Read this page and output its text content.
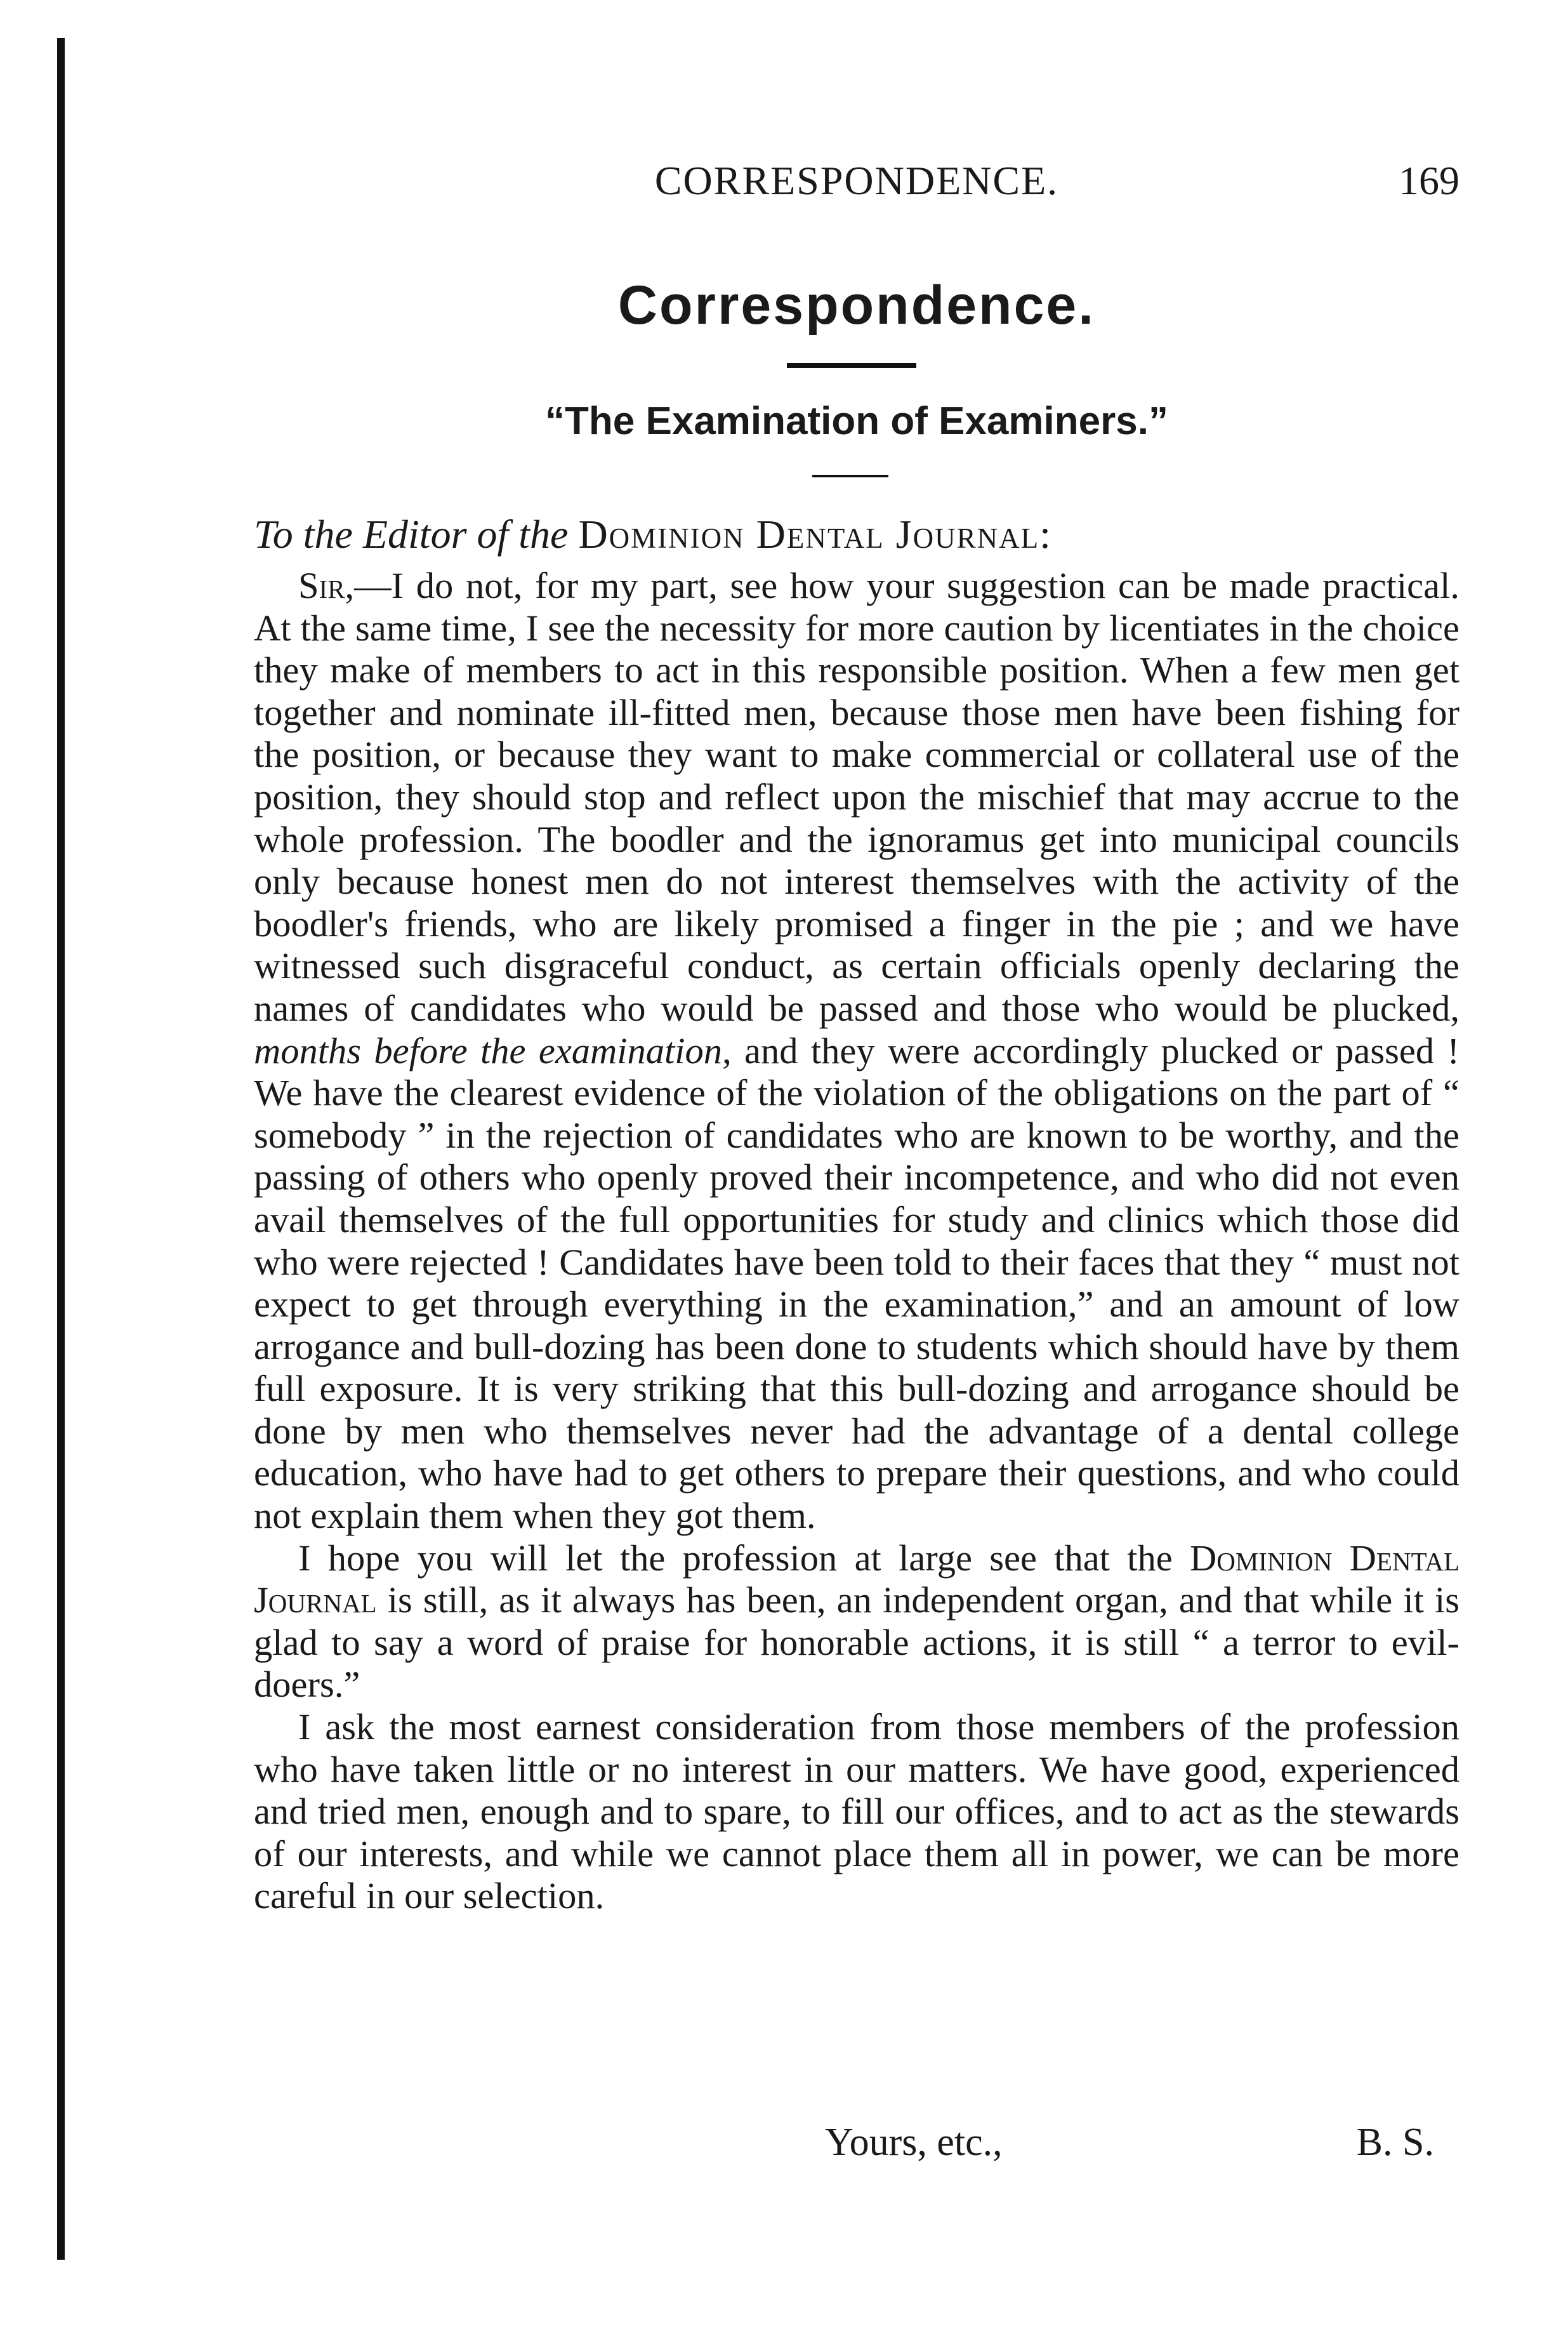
CORRESPONDENCE.	169
Correspondence.
“The Examination of Examiners.”
To the Editor of the Dominion Dental Journal:

Sir,—I do not, for my part, see how your suggestion can be made practical. At the same time, I see the necessity for more caution by licentiates in the choice they make of members to act in this responsible position. When a few men get together and nominate ill-fitted men, because those men have been fishing for the position, or because they want to make commercial or collateral use of the position, they should stop and reflect upon the mischief that may accrue to the whole profession. The boodler and the ignoramus get into municipal councils only because honest men do not interest themselves with the activity of the boodler's friends, who are likely promised a finger in the pie ; and we have witnessed such disgraceful conduct, as certain officials openly declaring the names of candidates who would be passed and those who would be plucked, months before the examination, and they were accordingly plucked or passed ! We have the clearest evidence of the violation of the obligations on the part of “ somebody ” in the rejection of candidates who are known to be worthy, and the passing of others who openly proved their incompetence, and who did not even avail themselves of the full opportunities for study and clinics which those did who were rejected ! Candidates have been told to their faces that they “ must not expect to get through everything in the examination,” and an amount of low arrogance and bull-dozing has been done to students which should have by them full exposure. It is very striking that this bull-dozing and arrogance should be done by men who themselves never had the advantage of a dental college education, who have had to get others to prepare their questions, and who could not explain them when they got them.

I hope you will let the profession at large see that the Dominion Dental Journal is still, as it always has been, an independent organ, and that while it is glad to say a word of praise for honorable actions, it is still “ a terror to evil-doers.”

I ask the most earnest consideration from those members of the profession who have taken little or no interest in our matters. We have good, experienced and tried men, enough and to spare, to fill our offices, and to act as the stewards of our interests, and while we cannot place them all in power, we can be more careful in our selection.

Yours, etc.,	B. S.
